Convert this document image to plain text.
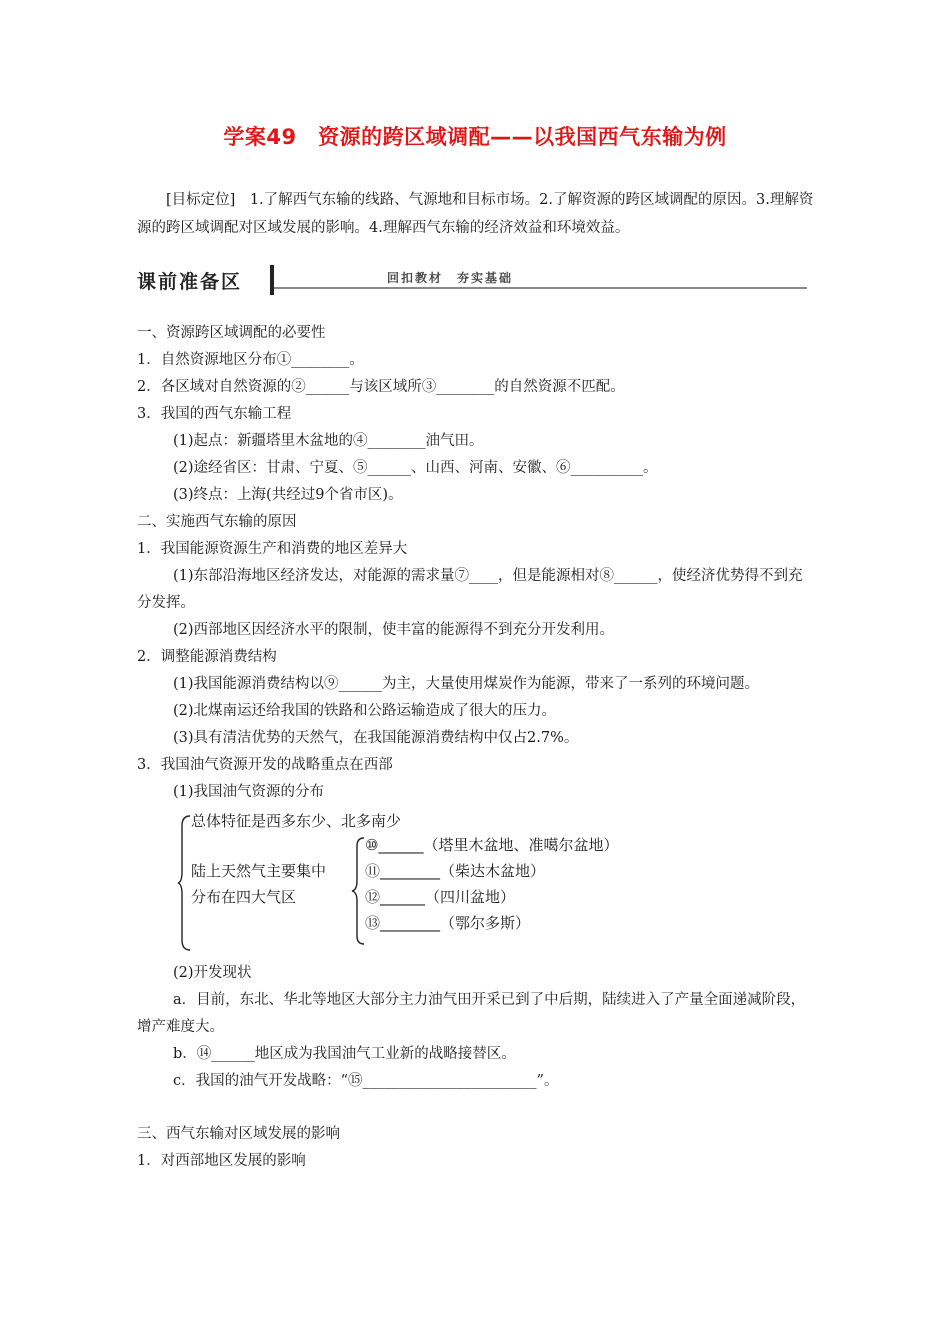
学案49　资源的跨区域调配——以我国西气东输为例
[目标定位]　1.了解西气东输的线路、气源地和目标市场。2.了解资源的跨区域调配的原因。3.理解资源的跨区域调配对区域发展的影响。4.理解西气东输的经济效益和环境效益。
课前准备区	回扣教材　夯实基础
一、资源跨区域调配的必要性
1．自然资源地区分布①________。
2．各区域对自然资源的②______与该区域所③________的自然资源不匹配。
3．我国的西气东输工程
(1)起点：新疆塔里木盆地的④________油气田。
(2)途经省区：甘肃、宁夏、⑤______、山西、河南、安徽、⑥__________。
(3)终点：上海(共经过9个省市区)。
二、实施西气东输的原因
1．我国能源资源生产和消费的地区差异大
(1)东部沿海地区经济发达，对能源的需求量⑦____，但是能源相对⑧______，使经济优势得不到充分发挥。
(2)西部地区因经济水平的限制，使丰富的能源得不到充分开发利用。
2．调整能源消费结构
(1)我国能源消费结构以⑨______为主，大量使用煤炭作为能源，带来了一系列的环境问题。
(2)北煤南运还给我国的铁路和公路运输造成了很大的压力。
(3)具有清洁优势的天然气，在我国能源消费结构中仅占2.7%。
3．我国油气资源开发的战略重点在西部
(1)我国油气资源的分布
总体特征是西多东少、北多南少
陆上天然气主要集中
分布在四大气区
⑩______（塔里木盆地、准噶尔盆地）
⑪________（柴达木盆地）
⑫______（四川盆地）
⑬________（鄂尔多斯）
(2)开发现状
a．目前，东北、华北等地区大部分主力油气田开采已到了中后期，陆续进入了产量全面递减阶段，增产难度大。
b．⑭______地区成为我国油气工业新的战略接替区。
c．我国的油气开发战略：“⑮________________________”。
三、西气东输对区域发展的影响
1．对西部地区发展的影响
